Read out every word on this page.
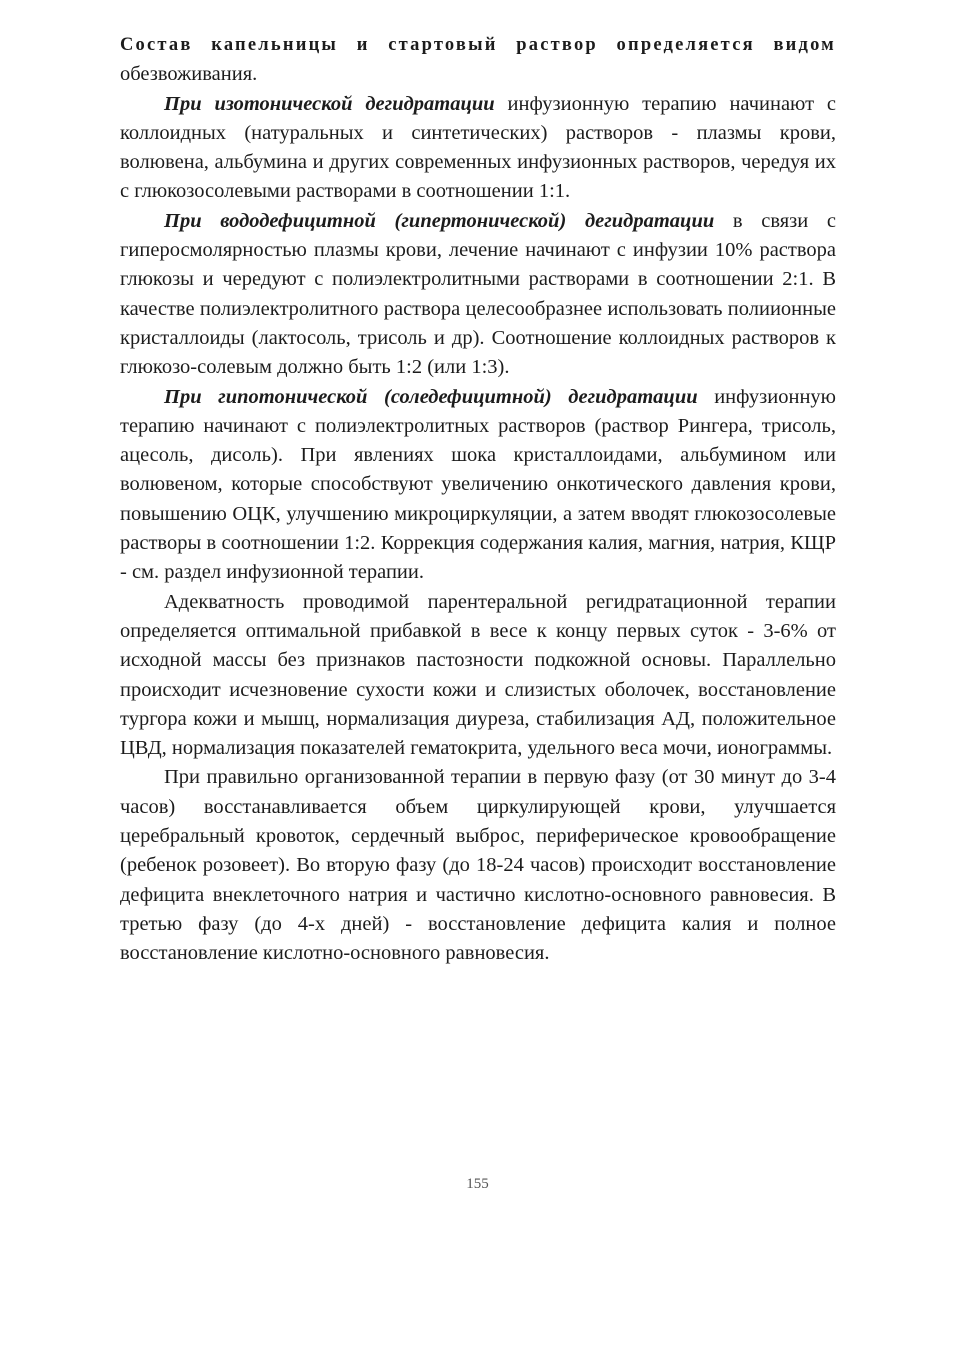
Состав капельницы и стартовый раствор определяется видом обезвоживания.

При изотонической дегидратации инфузионную терапию начинают с коллоидных (натуральных и синтетических) растворов - плазмы крови, волювена, альбумина и других современных инфузионных растворов, чередуя их с глюкозосолевыми растворами в соотношении 1:1.

При вододефицитной (гипертонической) дегидратации в связи с гиперосмолярностью плазмы крови, лечение начинают с инфузии 10% раствора глюкозы и чередуют с полиэлектролитными растворами в соотношении 2:1. В качестве полиэлектролитного раствора целесообразнее использовать полиионные кристаллоиды (лактосоль, трисоль и др). Соотношение коллоидных растворов к глюкозо-солевым должно быть 1:2 (или 1:3).

При гипотонической (соледефицитной) дегидратации инфузионную терапию начинают с полиэлектролитных растворов (раствор Рингера, трисоль, ацесоль, дисоль). При явлениях шока кристаллоидами, альбумином или волювеном, которые способствуют увеличению онкотического давления крови, повышению ОЦК, улучшению микроциркуляции, а затем вводят глюкозосолевые растворы в соотношении 1:2. Коррекция содержания калия, магния, натрия, КЩР - см. раздел инфузионной терапии.

Адекватность проводимой парентеральной регидратационной терапии определяется оптимальной прибавкой в весе к концу первых суток - 3-6% от исходной массы без признаков пастозности подкожной основы. Параллельно происходит исчезновение сухости кожи и слизистых оболочек, восстановление тургора кожи и мышц, нормализация диуреза, стабилизация АД, положительное ЦВД, нормализация показателей гематокрита, удельного веса мочи, ионограммы.

При правильно организованной терапии в первую фазу (от 30 минут до 3-4 часов) восстанавливается объем циркулирующей крови, улучшается церебральный кровоток, сердечный выброс, периферическое кровообращение (ребенок розовеет). Во вторую фазу (до 18-24 часов) происходит восстановление дефицита внеклеточного натрия и частично кислотно-основного равновесия. В третью фазу (до 4-х дней) - восстановление дефицита калия и полное восстановление кислотно-основного равновесия.

155
